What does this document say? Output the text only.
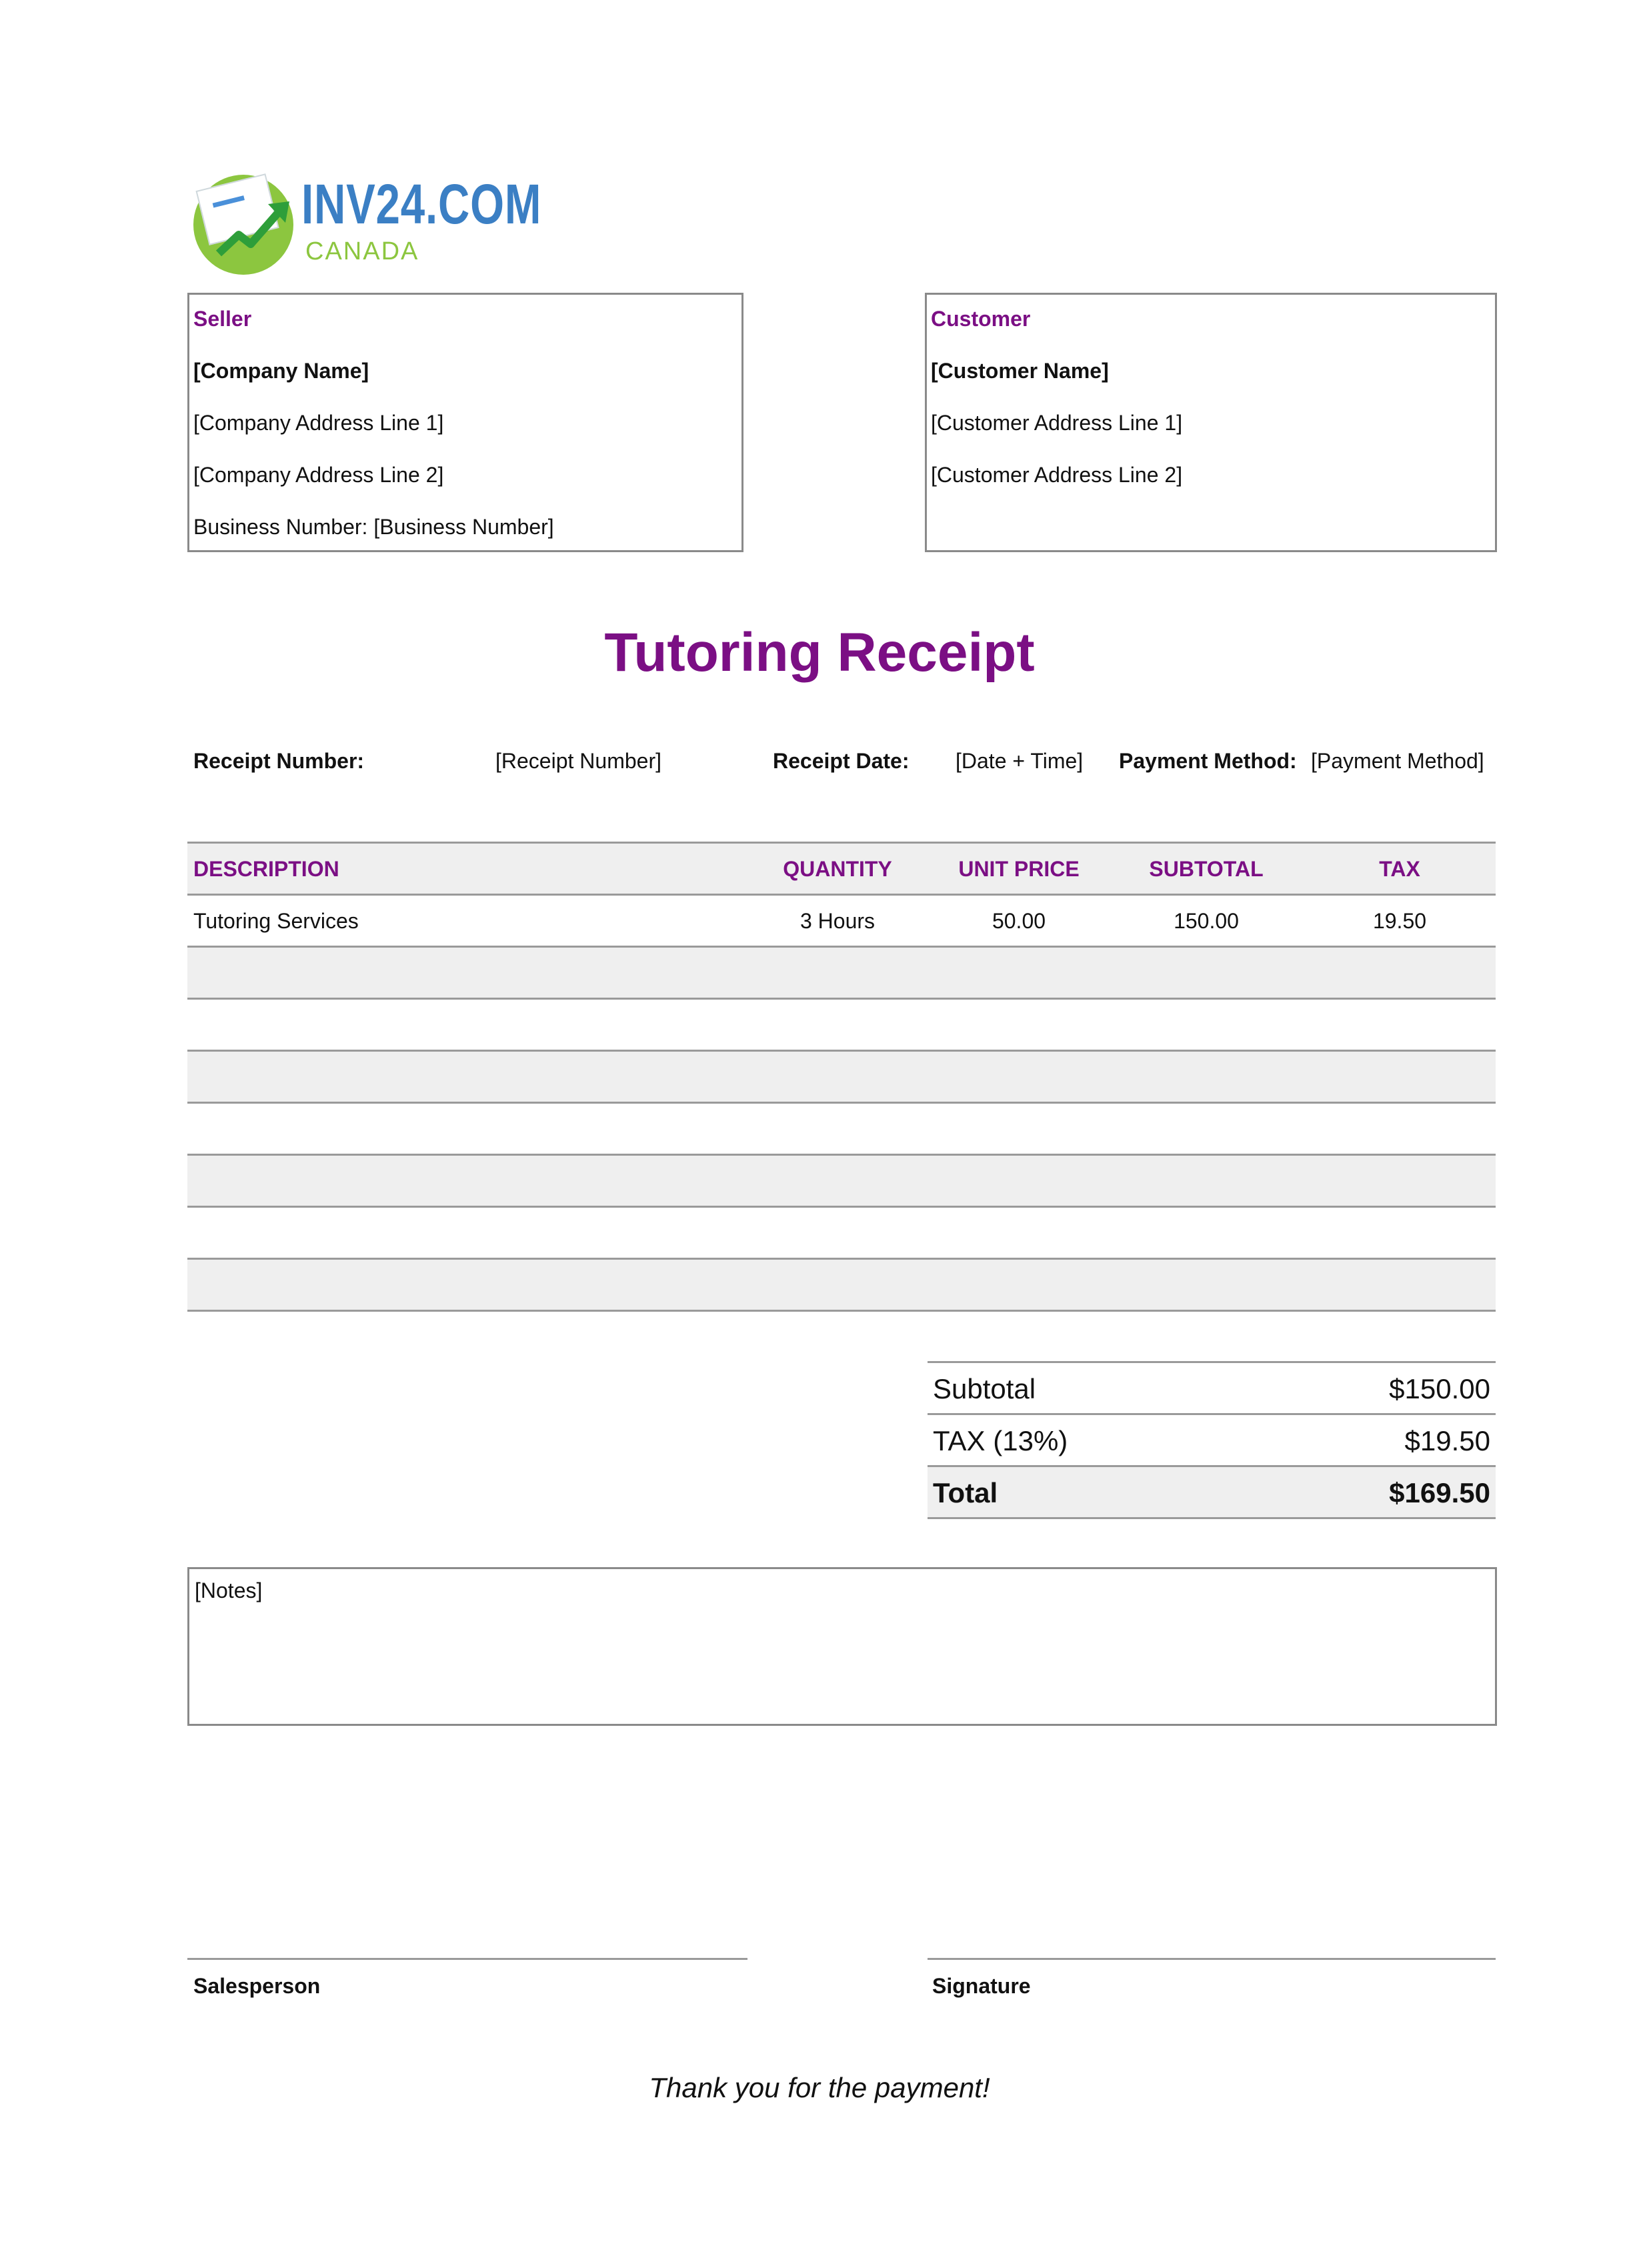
INV24.COM
CANADA
Seller
[Company Name]
[Company Address Line 1]
[Company Address Line 2]
Business Number: [Business Number]
Customer
[Customer Name]
[Customer Address Line 1]
[Customer Address Line 2]
Tutoring Receipt
Receipt Number:	[Receipt Number]	Receipt Date: [Date + Time] Payment Method: [Payment Method]
DESCRIPTION	QUANTITY	UNIT PRICE	SUBTOTAL	TAX
Tutoring Services	3 Hours	50.00	150.00	19.50
Subtotal	$150.00
TAX (13%)	$19.50
Total	$169.50
[Notes]
Salesperson	Signature
Thank you for the payment!
